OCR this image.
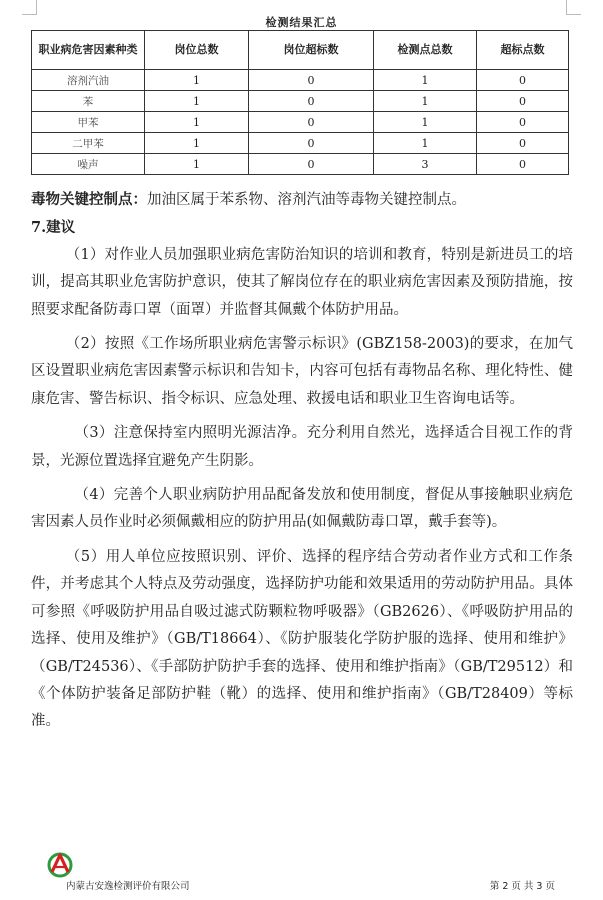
检测结果汇总
职业病危害因素种类	岗位总数	岗位超标数	检测点总数	超标点数
溶剂汽油	1	0	1	0
苯	1	0	1	0
甲苯	1	0	1	0
二甲苯	1	0	1	0
噪声	1	0	3	0

毒物关键控制点：加油区属于苯系物、溶剂汽油等毒物关键控制点。

7.建议

（1）对作业人员加强职业病危害防治知识的培训和教育，特别是新进员工的培训，提高其职业危害防护意识，使其了解岗位存在的职业病危害因素及预防措施，按照要求配备防毒口罩（面罩）并监督其佩戴个体防护用品。

（2）按照《工作场所职业病危害警示标识》(GBZ158-2003)的要求，在加气区设置职业病危害因素警示标识和告知卡，内容可包括有毒物品名称、理化特性、健康危害、警告标识、指令标识、应急处理、救援电话和职业卫生咨询电话等。

（3）注意保持室内照明光源洁净。充分利用自然光，选择适合目视工作的背景，光源位置选择宜避免产生阴影。

（4）完善个人职业病防护用品配备发放和使用制度，督促从事接触职业病危害因素人员作业时必须佩戴相应的防护用品(如佩戴防毒口罩，戴手套等)。

（5）用人单位应按照识别、评价、选择的程序结合劳动者作业方式和工作条件，并考虑其个人特点及劳动强度，选择防护功能和效果适用的劳动防护用品。具体可参照《呼吸防护用品自吸过滤式防颗粒物呼吸器》（GB2626）、《呼吸防护用品的选择、使用及维护》（GB/T18664）、《防护服装化学防护服的选择、使用和维护》（GB/T24536）、《手部防护防护手套的选择、使用和维护指南》（GB/T29512）和《个体防护装备足部防护鞋（靴）的选择、使用和维护指南》（GB/T28409）等标准。

内蒙古安逸检测评价有限公司	第 2 页 共 3 页
